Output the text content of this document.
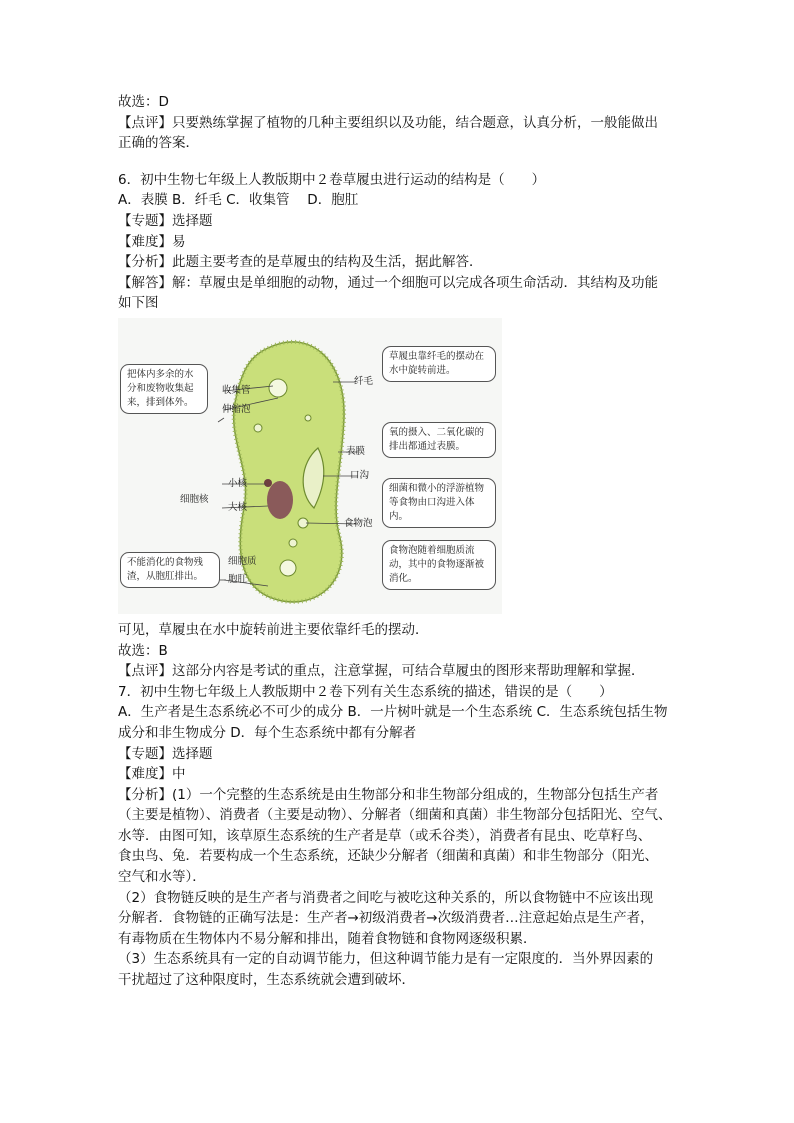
故选：D
【点评】只要熟练掌握了植物的几种主要组织以及功能，结合题意，认真分析，一般能做出
正确的答案．
6．初中生物七年级上人教版期中２卷草履虫进行运动的结构是（　　）
A．表膜 B．纤毛 C．收集管　 D．胞肛
【专题】选择题
【难度】易
【分析】此题主要考查的是草履虫的结构及生活，据此解答．
【解答】解：草履虫是单细胞的动物，通过一个细胞可以完成各项生命活动．其结构及功能
如下图
收集管
伸缩泡
小核
细胞核
大核
细胞质
胞肛
纤毛
表膜
口沟
食物泡
把体内多余的水分和废物收集起来，排到体外。
不能消化的食物残渣，从胞肛排出。
草履虫靠纤毛的摆动在水中旋转前进。
氧的摄入、二氧化碳的排出都通过表膜。
细菌和微小的浮游植物等食物由口沟进入体内。
食物泡随着细胞质流动，其中的食物逐渐被消化。
可见，草履虫在水中旋转前进主要依靠纤毛的摆动．
故选：B
【点评】这部分内容是考试的重点，注意掌握，可结合草履虫的图形来帮助理解和掌握．
7．初中生物七年级上人教版期中２卷下列有关生态系统的描述，错误的是（　　）
A．生产者是生态系统必不可少的成分 B．一片树叶就是一个生态系统 C．生态系统包括生物
成分和非生物成分 D．每个生态系统中都有分解者
【专题】选择题
【难度】中
【分析】(1）一个完整的生态系统是由生物部分和非生物部分组成的，生物部分包括生产者
（主要是植物）、消费者（主要是动物）、分解者（细菌和真菌）非生物部分包括阳光、空气、
水等．由图可知，该草原生态系统的生产者是草（或禾谷类），消费者有昆虫、吃草籽鸟、
食虫鸟、兔．若要构成一个生态系统，还缺少分解者（细菌和真菌）和非生物部分（阳光、
空气和水等）．
（2）食物链反映的是生产者与消费者之间吃与被吃这种关系的，所以食物链中不应该出现
分解者．食物链的正确写法是：生产者→初级消费者→次级消费者…注意起始点是生产者，
有毒物质在生物体内不易分解和排出，随着食物链和食物网逐级积累．
（3）生态系统具有一定的自动调节能力，但这种调节能力是有一定限度的．当外界因素的
干扰超过了这种限度时，生态系统就会遭到破坏．
